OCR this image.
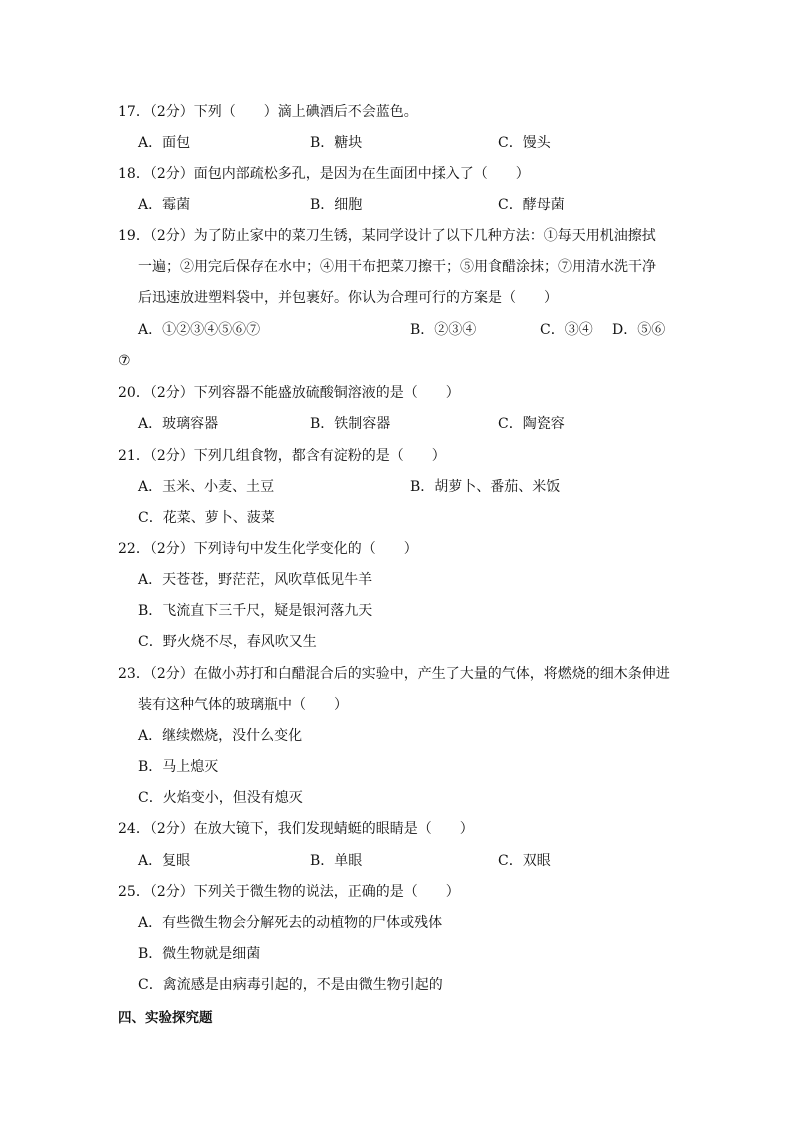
17．（2分）下列（　　）滴上碘酒后不会蓝色。
A．面包	B．糖块	C．馒头
18．（2分）面包内部疏松多孔，是因为在生面团中揉入了（　　）
A．霉菌	B．细胞	C．酵母菌
19．（2分）为了防止家中的菜刀生锈，某同学设计了以下几种方法：①每天用机油擦拭
一遍；②用完后保存在水中；④用干布把菜刀擦干；⑤用食醋涂抹；⑦用清水洗干净
后迅速放进塑料袋中，并包裹好。你认为合理可行的方案是（　　）
A．①②③④⑤⑥⑦	B．②③④	C．③④ D．⑤⑥
⑦
20．（2分）下列容器不能盛放硫酸铜溶液的是（　　）
A．玻璃容器	B．铁制容器	C．陶瓷容
21．（2分）下列几组食物，都含有淀粉的是（　　）
A．玉米、小麦、土豆	B．胡萝卜、番茄、米饭
C．花菜、萝卜、菠菜
22．（2分）下列诗句中发生化学变化的（　　）
A．天苍苍，野茫茫，风吹草低见牛羊
B．飞流直下三千尺，疑是银河落九天
C．野火烧不尽，春风吹又生
23．（2分）在做小苏打和白醋混合后的实验中，产生了大量的气体，将燃烧的细木条伸进
装有这种气体的玻璃瓶中（　　）
A．继续燃烧，没什么变化
B．马上熄灭
C．火焰变小，但没有熄灭
24．（2分）在放大镜下，我们发现蜻蜓的眼睛是（　　）
A．复眼	B．单眼	C．双眼
25．（2分）下列关于微生物的说法，正确的是（　　）
A．有些微生物会分解死去的动植物的尸体或残体
B．微生物就是细菌
C．禽流感是由病毒引起的，不是由微生物引起的
四、实验探究题
